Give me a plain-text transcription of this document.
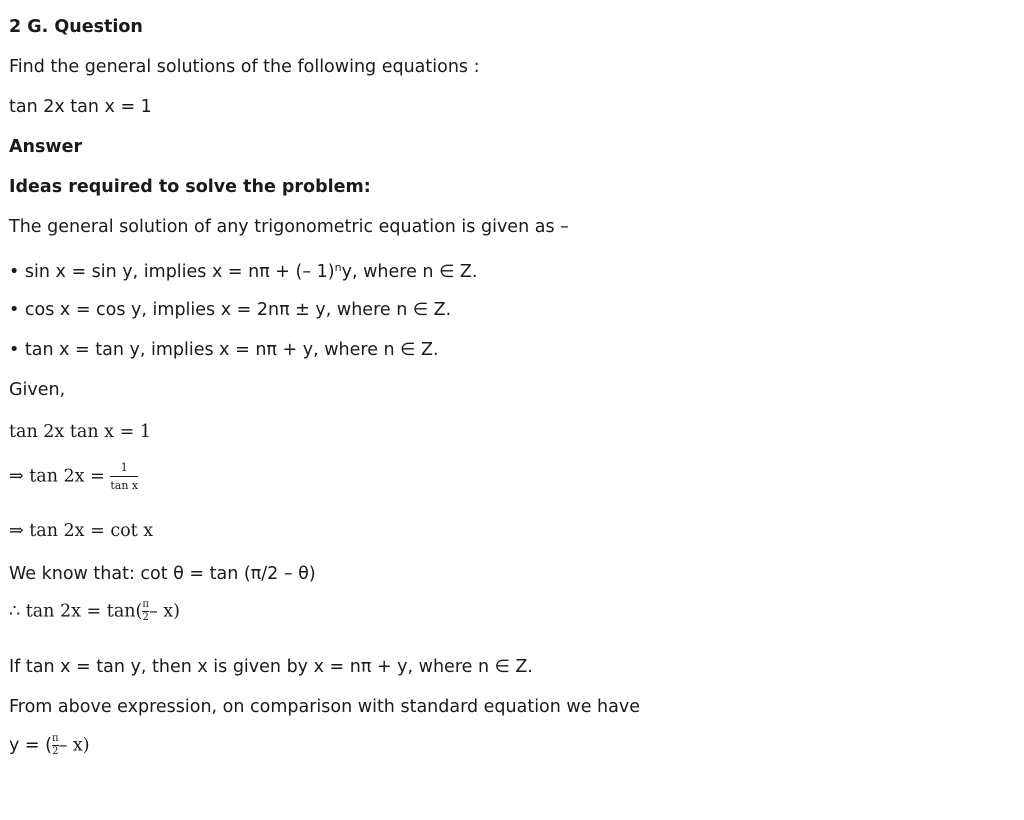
2 G. Question
Find the general solutions of the following equations :
tan 2x tan x = 1
Answer
Ideas required to solve the problem:
The general solution of any trigonometric equation is given as –
• sin x = sin y, implies x = nπ + (– 1)$^n$y, where n ∈ Z.
• cos x = cos y, implies x = 2nπ ± y, where n ∈ Z.
• tan x = tan y, implies x = nπ + y, where n ∈ Z.
Given,
tan 2x tan x = 1
⇒ $\tan 2x = \frac{1}{\text{tan x}}$
⇒ tan 2x = cot x
We know that: cot θ = tan (π/2 – θ)
∴ $\tan 2x = \tan( \frac{\pi}{2} - x)$
If tan x = tan y, then x is given by x = nπ + y, where n ∈ Z.
From above expression, on comparison with standard equation we have
y = ( $\frac{\pi}{2} - x$)
